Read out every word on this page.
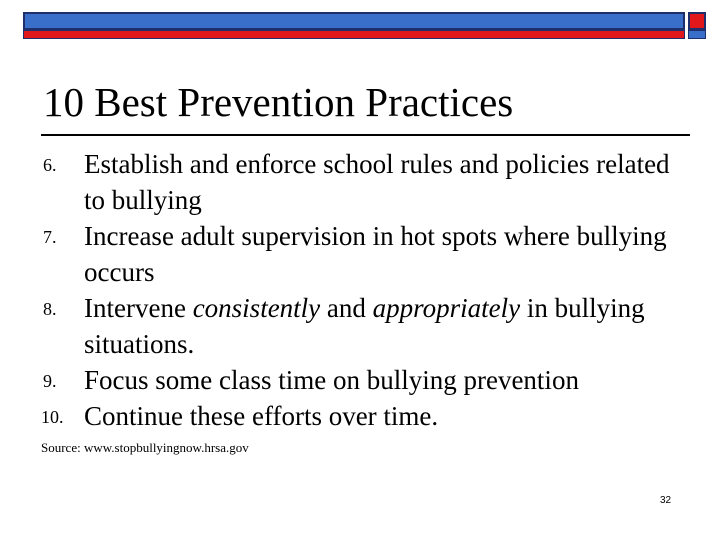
10 Best Prevention Practices
6.	Establish and enforce school rules and policies related to bullying
7.	Increase adult supervision in hot spots where bullying occurs
8.	Intervene consistently and appropriately in bullying situations.
9.	Focus some class time on bullying prevention
10. Continue these efforts over time.
Source: www.stopbullyingnow.hrsa.gov
32
